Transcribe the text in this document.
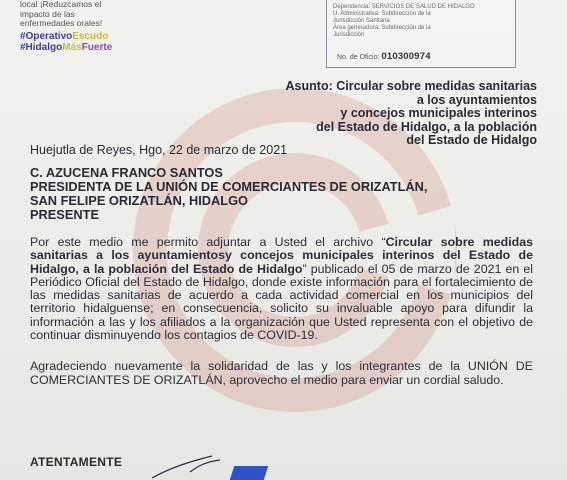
local ¡Reduzcamos el
impacto de las
enfermedades orales!
#OperativoEscudo
#HidalgoMásFuerte
Dependencia: SERVICIOS DE SALUD DE HIDALGO
U. Administrativa: Subdirección de la
Jurisdicción Sanitaria
Área generadora: Subdirección de la
Jurisdicción
No. de Oficio: 010300974
Asunto: Circular sobre medidas sanitarias
a los ayuntamientos
y concejos municipales interinos
del Estado de Hidalgo, a la población
del Estado de Hidalgo
Huejutla de Reyes, Hgo, 22 de marzo de 2021
C. AZUCENA FRANCO SANTOS
PRESIDENTA DE LA UNIÓN DE COMERCIANTES DE ORIZATLÁN,
SAN FELIPE ORIZATLÁN, HIDALGO
PRESENTE

Por este medio me permito adjuntar a Usted el archivo “Circular sobre medidas sanitarias a los ayuntamientosy concejos municipales interinos del Estado de Hidalgo, a la población del Estado de Hidalgo” publicado el 05 de marzo de 2021 en el Periódico Oficial del Estado de Hidalgo, donde existe información para el fortalecimiento de las medidas sanitarias de acuerdo a cada actividad comercial en los municipios del territorio hidalguense; en consecuencia, solicito su invaluable apoyo para difundir la información a las y los afiliados a la organización que Usted representa con el objetivo de continuar disminuyendo los contagios de COVID-19.

Agradeciendo nuevamente la solidaridad de las y los integrantes de la UNIÓN DE COMERCIANTES DE ORIZATLÁN, aprovecho el medio para enviar un cordial saludo.

ATENTAMENTE
